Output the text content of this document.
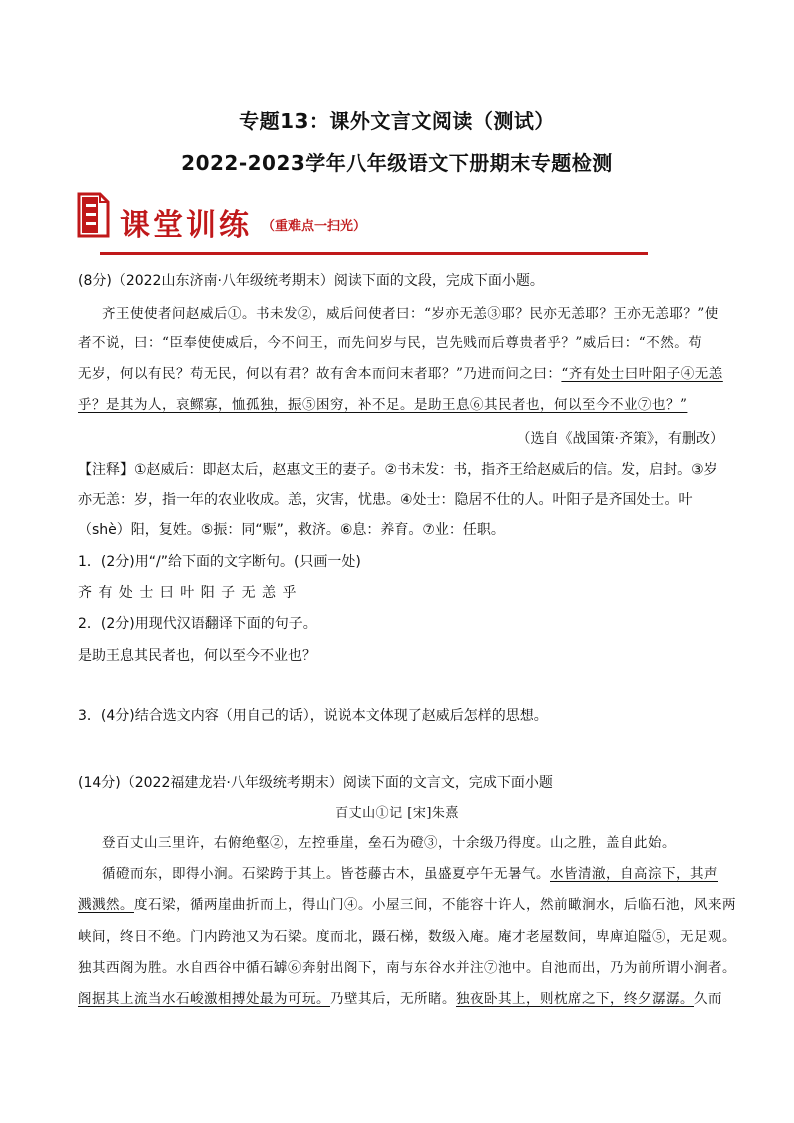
专题13：课外文言文阅读（测试）
2022-2023学年八年级语文下册期末专题检测
课堂训练 （重难点一扫光）
(8分)（2022山东济南·八年级统考期末）阅读下面的文段，完成下面小题。
齐王使使者问赵威后①。书未发②，威后问使者曰：“岁亦无恙③耶？民亦无恙耶？王亦无恙耶？”使
者不说，曰：“臣奉使使威后，今不问王，而先问岁与民，岂先贱而后尊贵者乎？”威后曰：“不然。苟
无岁，何以有民？苟无民，何以有君？故有舍本而问末者耶？”乃进而问之曰：“齐有处士曰叶阳子④无恙
乎？是其为人，哀鳏寡，恤孤独，振⑤困穷，补不足。是助王息⑥其民者也，何以至今不业⑦也？”
（选自《战国策·齐策》，有删改）
【注释】①赵威后：即赵太后，赵惠文王的妻子。②书未发：书，指齐王给赵威后的信。发，启封。③岁
亦无恙：岁，指一年的农业收成。恙，灾害，忧患。④处士：隐居不仕的人。叶阳子是齐国处士。叶
（shè）阳，复姓。⑤振：同“赈”，救济。⑥息：养育。⑦业：任职。
1．(2分)用“/”给下面的文字断句。(只画一处)
齐 有 处 士 曰 叶 阳 子 无 恙 乎
2．(2分)用现代汉语翻译下面的句子。
是助王息其民者也，何以至今不业也？
3．(4分)结合选文内容（用自己的话），说说本文体现了赵威后怎样的思想。
(14分)（2022福建龙岩·八年级统考期末）阅读下面的文言文，完成下面小题
百丈山①记 [宋]朱熹
登百丈山三里许，右俯绝壑②，左控垂崖，垒石为磴③，十余级乃得度。山之胜，盖自此始。
循磴而东，即得小涧。石梁跨于其上。皆苍藤古木，虽盛夏亭午无暑气。水皆清澈，自高淙下，其声
溅溅然。度石梁，循两崖曲折而上，得山门④。小屋三间，不能容十许人，然前瞰涧水，后临石池，风来两
峡间，终日不绝。门内跨池又为石梁。度而北，蹑石梯，数级入庵。庵才老屋数间，卑庳迫隘⑤，无足观。
独其西阁为胜。水自西谷中循石罅⑥奔射出阁下，南与东谷水并注⑦池中。自池而出，乃为前所谓小涧者。
阁据其上流当水石峻激相搏处最为可玩。乃壁其后，无所睹。独夜卧其上，则枕席之下，终夕潺潺。久而
